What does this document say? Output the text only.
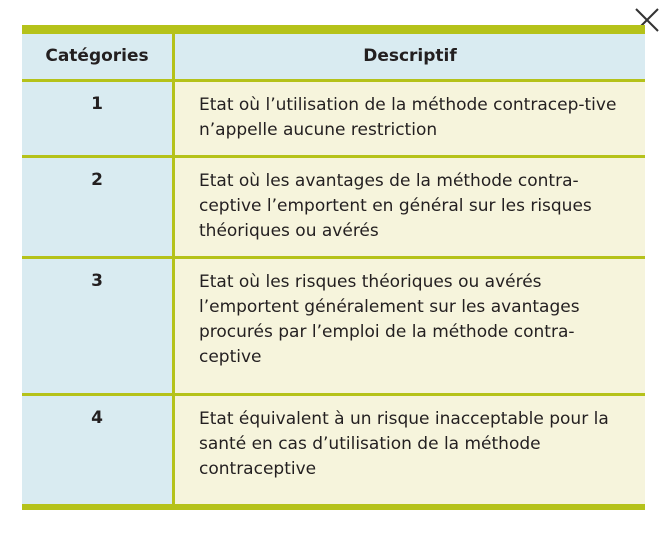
Catégories	Descriptif
1	Etat où l’utilisation de la méthode contracep-tive n’appelle aucune restriction
2	Etat où les avantages de la méthode contra-ceptive l’emportent en général sur les risques théoriques ou avérés
3	Etat où les risques théoriques ou avérés l’emportent généralement sur les avantages procurés par l’emploi de la méthode contra-ceptive
4	Etat équivalent à un risque inacceptable pour la santé en cas d’utilisation de la méthode contraceptive
